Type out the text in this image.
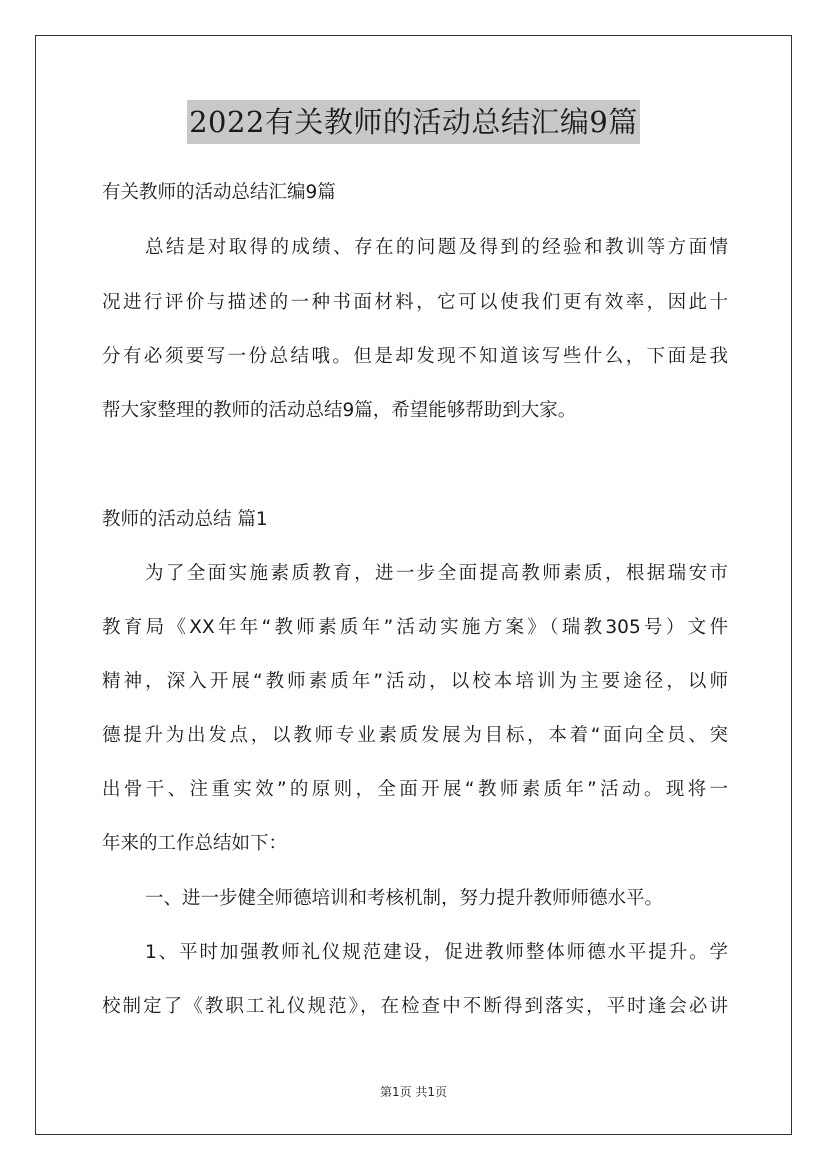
2022有关教师的活动总结汇编9篇
有关教师的活动总结汇编9篇
总结是对取得的成绩、存在的问题及得到的经验和教训等方面情
况进行评价与描述的一种书面材料，它可以使我们更有效率，因此十
分有必须要写一份总结哦。但是却发现不知道该写些什么，下面是我
帮大家整理的教师的活动总结9篇，希望能够帮助到大家。
教师的活动总结 篇1
为了全面实施素质教育，进一步全面提高教师素质，根据瑞安市
教育局《XX年年“教师素质年”活动实施方案》（瑞教305号）文件
精神，深入开展“教师素质年”活动，以校本培训为主要途径，以师
德提升为出发点，以教师专业素质发展为目标，本着“面向全员、突
出骨干、注重实效”的原则，全面开展“教师素质年”活动。现将一
年来的工作总结如下：
一、进一步健全师德培训和考核机制，努力提升教师师德水平。
1、平时加强教师礼仪规范建设，促进教师整体师德水平提升。学
校制定了《教职工礼仪规范》，在检查中不断得到落实，平时逢会必讲
第1页 共1页
